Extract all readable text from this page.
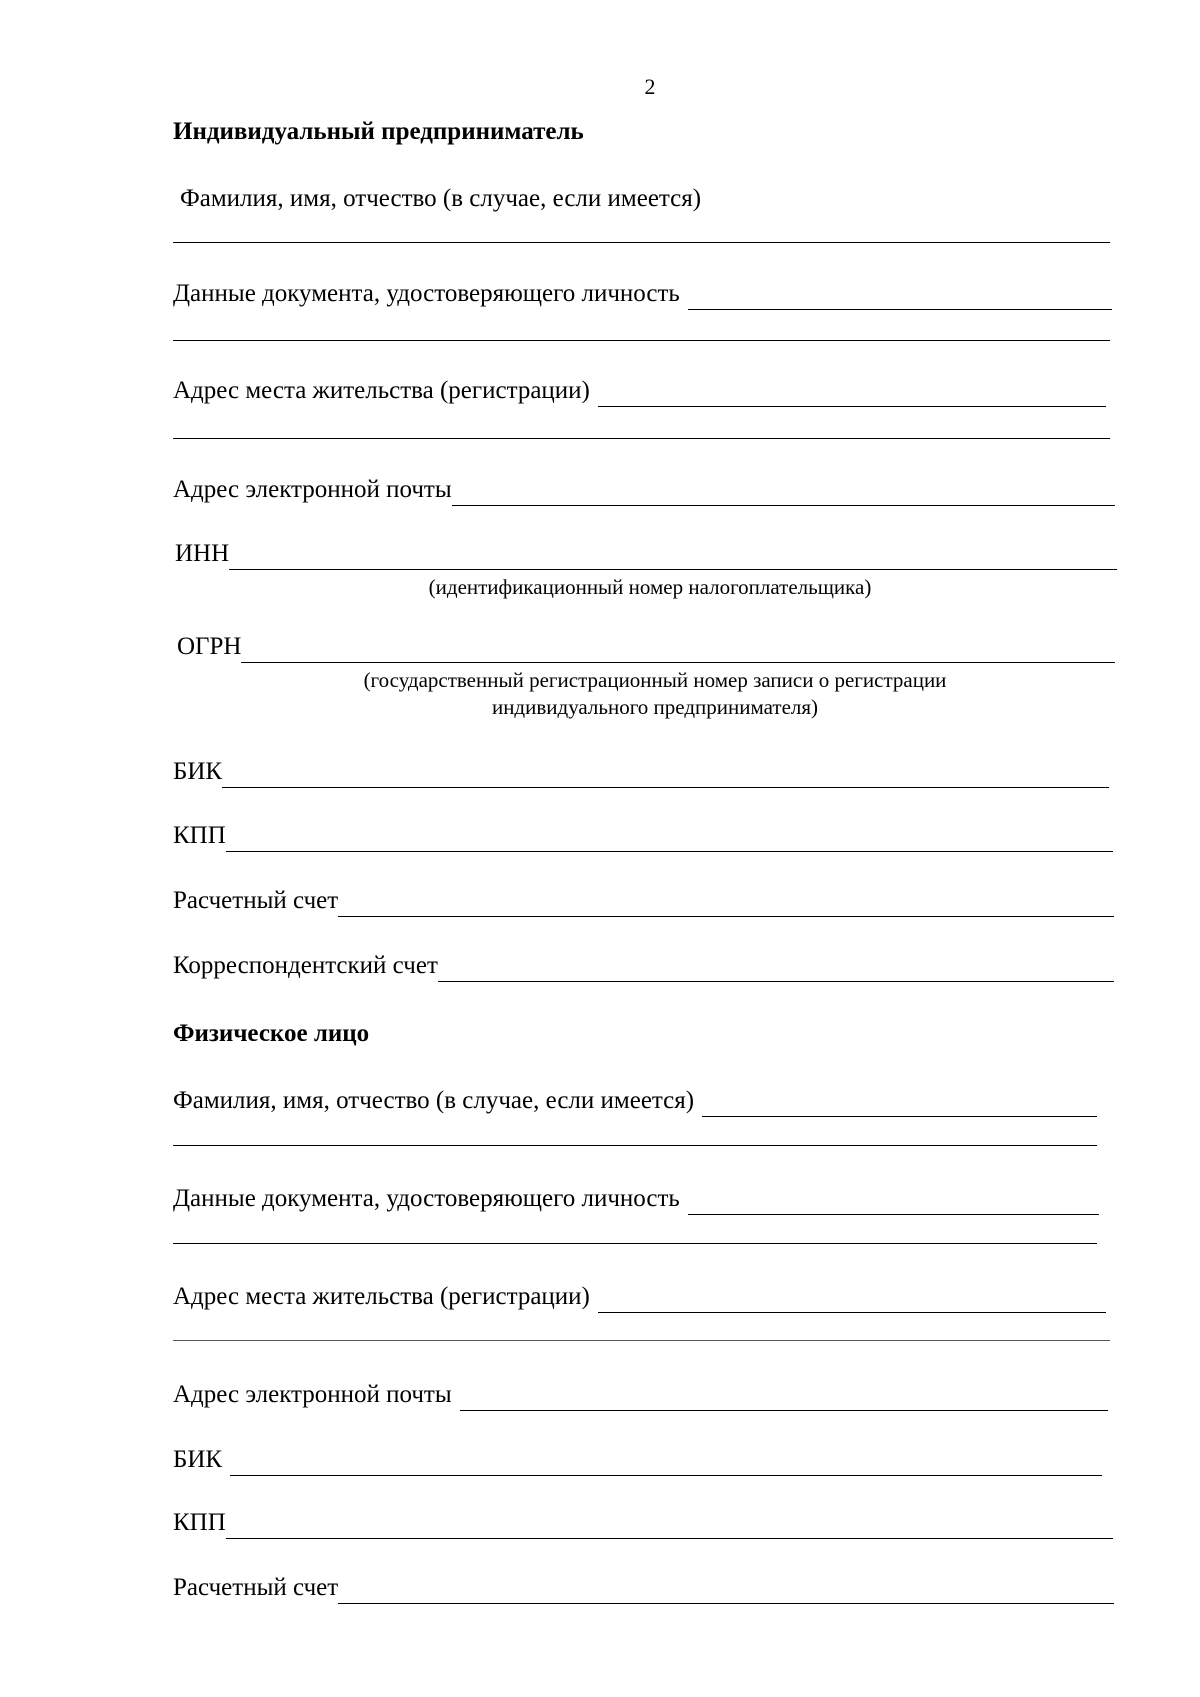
2
Индивидуальный предприниматель
Фамилия, имя, отчество (в случае, если имеется)
Данные документа, удостоверяющего личность
Адрес места жительства (регистрации)
Адрес электронной почты
ИНН
(идентификационный номер налогоплательщика)
ОГРН
(государственный регистрационный номер записи о регистрации индивидуального предпринимателя)
БИК
КПП
Расчетный счет
Корреспондентский счет
Физическое лицо
Фамилия, имя, отчество (в случае, если имеется)
Данные документа, удостоверяющего личность
Адрес места жительства (регистрации)
Адрес электронной почты
БИК
КПП
Расчетный счет
